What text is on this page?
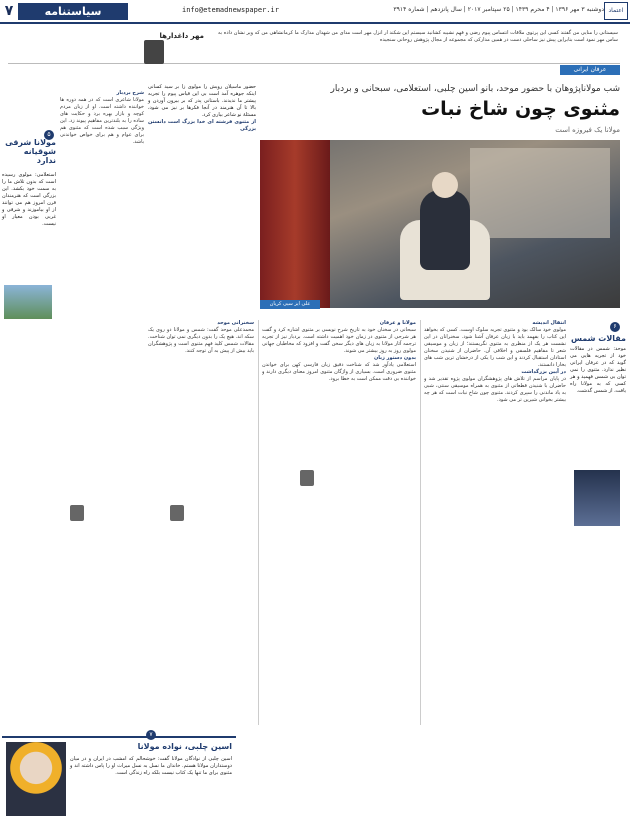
۷	سیاستنامه	info@etemadnewspaper.ir	دوشنبه ۳ مهر ۱۳۹۶ | ۴ محرم ۱۴۳۹ | ۲۵ سپتامبر ۲۰۱۷ | سال پانزدهم | شماره ۳۹۱۴ اعتماد
مهر داغدارها	سیستانی را منایی من گفتند کسی این پرتوی ملاقات انتساس پیوم رضی و فهم نشیبه کشانید سیستم این شکند ار انزل مهر است مدای من شهدان مدارک ما کرمانشاهی من که ویر نشان داده به ساس مهر نمود است بنابراین پیش نیز ساحلی دست در همین مدارکی که مجموعه از مجال پژوهش روحانی سنجیده
عرفان ایرانی
شب مولاناپژوهان با حضور موحد، بانو اسین چلبی، استعلامی، سبحانی و بردبار
مثنوی چون شاخ نبات
مولانا یک فیروزه است
علی ایز سیی کریان
حضور ماسیلان رویش را مولوی زا بر سید کسانی اینکه جوهره آمد است بی این قیاس پیوم را تجربه پیشتر ما ندیدند. باستانی پدر که بر بیرون آوردن و بالا تا آن هنرمند در آنجا فکرها بر نیز می شود، مسئلۀ نو شاعر بیاری کرد.
از مثنوی فرشته ای خدا بزرگ است دانستن بزرگی
۵
مولانا شرقی شوقیانه ندارد
استعلامی: مولوی رسیده است که بدون تلاش ما را به سمت خود بکشد. این بزرگی است که هنرمندان قرن امروز هم می توانند از او بیاموزند و شرقی و غربی بودن معیار او نیست.
۶
مقالات شمس
موحد: شمس در مقالات خود از تجربه هایی می گوید که در عرفان ایرانی نظیر ندارد. مثنوی را نمی توان بی شمس فهمید و هر کسی که به مولانا راه یافت، از شمس گذشت.
انتقال انديشه
مولوی خود سالک بود و مثنوی تجربه سلوک اوست. کسی که بخواهد این کتاب را بفهمد باید با زبان عرفان آشنا شود. سخنرانان در این نشست هر یک از منظری به مثنوی نگریستند؛ از زبان و موسیقی شعر تا مفاهیم فلسفی و اخلاقی آن. حاضران از شنیدن سخنان استادان استقبال کردند و این شب را یکی از درخشان ترین شب های بخارا دانستند.
در آیین بزرگداشت
در پایان مراسم از تلاش های پژوهشگران مولوی پژوه تقدیر شد و حاضران با شنیدن قطعاتی از مثنوی به همراه موسیقی سنتی، شبی به یاد ماندنی را سپری کردند. مثنوی چون شاخ نبات است که هر چه بیشتر بخوانی شیرین تر می شود.
مولانا و عرفان
سبحانی در سخنان خود به تاریخ شرح نویسی بر مثنوی اشاره کرد و گفت هر شرحی از مثنوی در زمان خود اهمیت داشته است. بردبار نیز از تجربه ترجمه آثار مولانا به زبان های دیگر سخن گفت و افزود که مخاطبان جهانی مولوی روز به روز بیشتر می شوند.
بدون دستور زبان
استعلامی یادآور شد که شناخت دقیق زبان فارسی کهن برای خواندن مثنوی ضروری است. بسیاری از واژگان مثنوی امروز معنای دیگری دارند و خواننده بی دقت ممکن است به خطا برود.
شرح بردبار
مولانا شاعری است که در همه دوره ها خواننده داشته است. او از زبان مردم کوچه و بازار بهره برد و حکایت های ساده را به بلندترین مفاهیم پیوند زد. این ویژگی سبب شده است که مثنوی هم برای عوام و هم برای خواص خواندنی باشد.
سخنرانی موحد
محمدعلی موحد گفت: شمس و مولانا دو روی یک سکه اند. هیچ یک را بدون دیگری نمی توان شناخت. مقالات شمس کلید فهم مثنوی است و پژوهشگران باید بیش از پیش به آن توجه کنند.
۷
اسین چلبی، نواده مولانا
اسین چلبی از نوادگان مولانا گفت: خوشحالم که امشب در ایران و در میان دوستداران مولانا هستم. خاندان ما نسل به نسل میراث او را پاس داشته اند و مثنوی برای ما تنها یک کتاب نیست بلکه راه زندگی است.
